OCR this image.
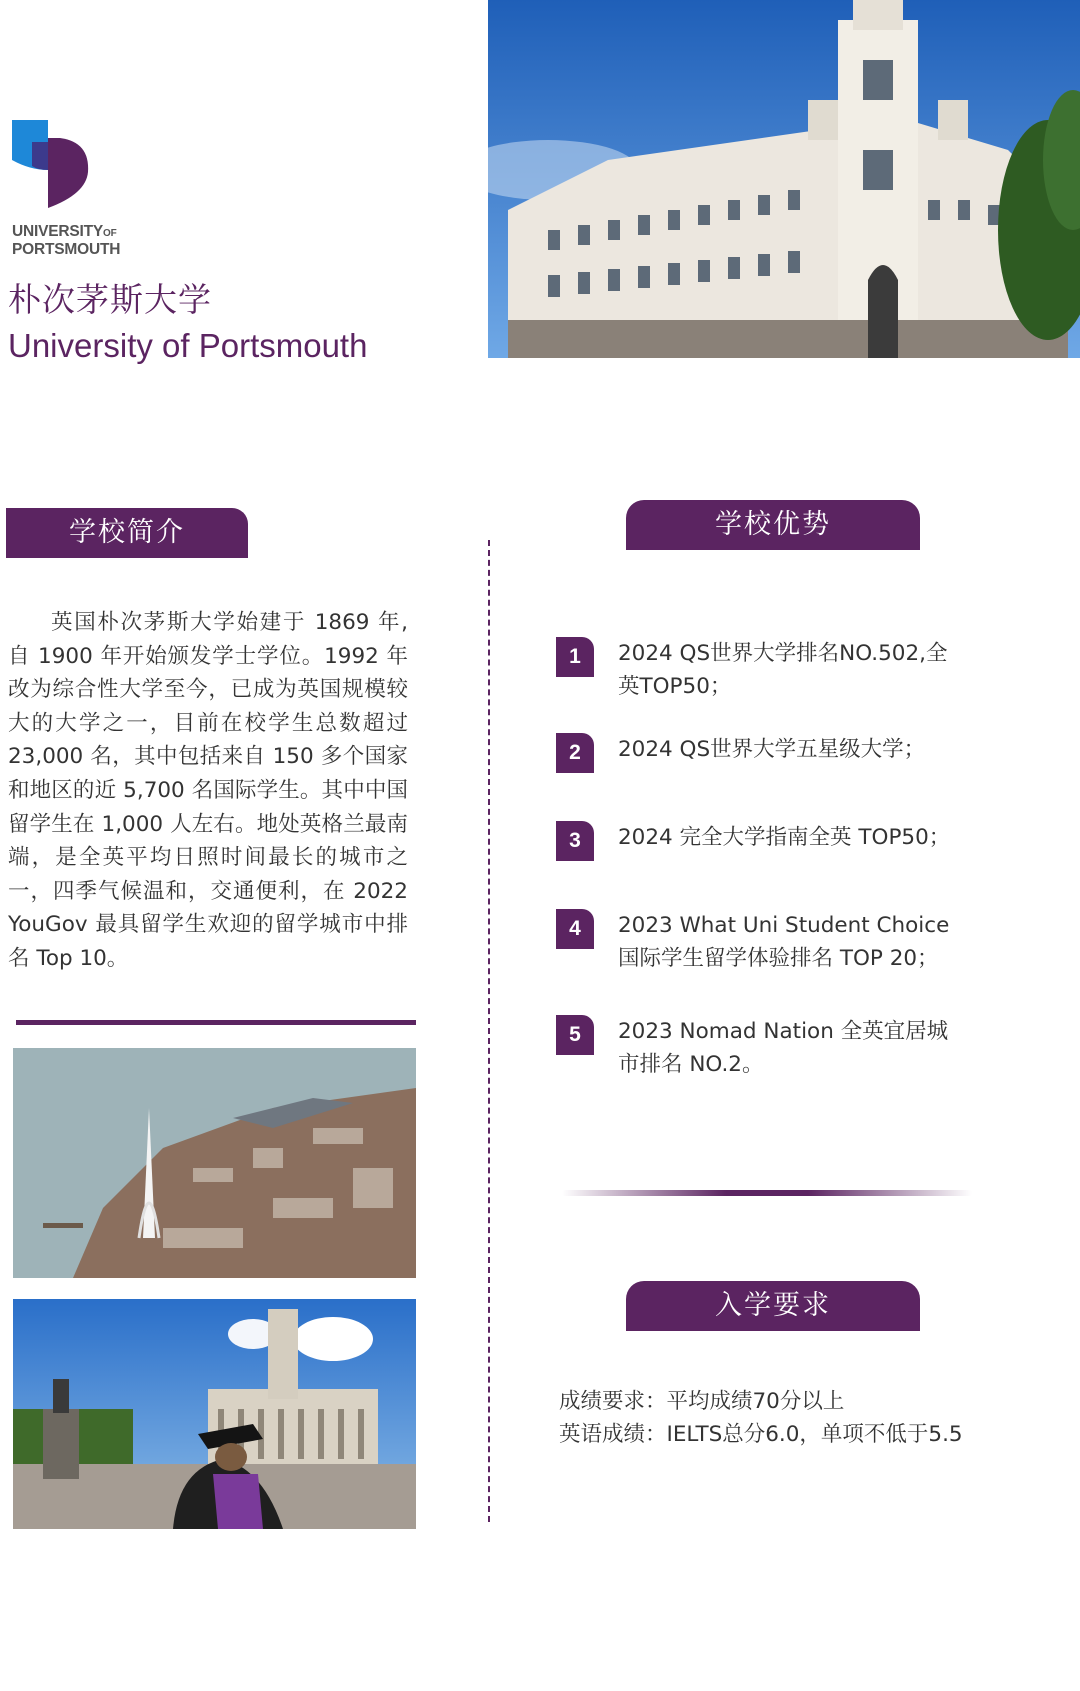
UNIVERSITYOF
PORTSMOUTH
朴次茅斯大学
University of Portsmouth
学校简介
英国朴次茅斯大学始建于 1869 年, 自 1900 年开始颁发学士学位。1992 年改为综合性大学至今，已成为英国规模较大的大学之一，目前在校学生总数超过 23,000 名，其中包括来自 150 多个国家和地区的近 5,700 名国际学生。其中中国留学生在 1,000 人左右。地处英格兰最南端，是全英平均日照时间最长的城市之一，四季气候温和，交通便利，在 2022 YouGov 最具留学生欢迎的留学城市中排名 Top 10。
学校优势
1	2024 QS世界大学排名NO.502,全英TOP50；
2	2024 QS世界大学五星级大学；
3	2024 完全大学指南全英 TOP50；
4	2023 What Uni Student Choice 国际学生留学体验排名 TOP 20；
5	2023 Nomad Nation 全英宜居城市排名 NO.2。
入学要求
成绩要求：平均成绩70分以上
英语成绩：IELTS总分6.0，单项不低于5.5
